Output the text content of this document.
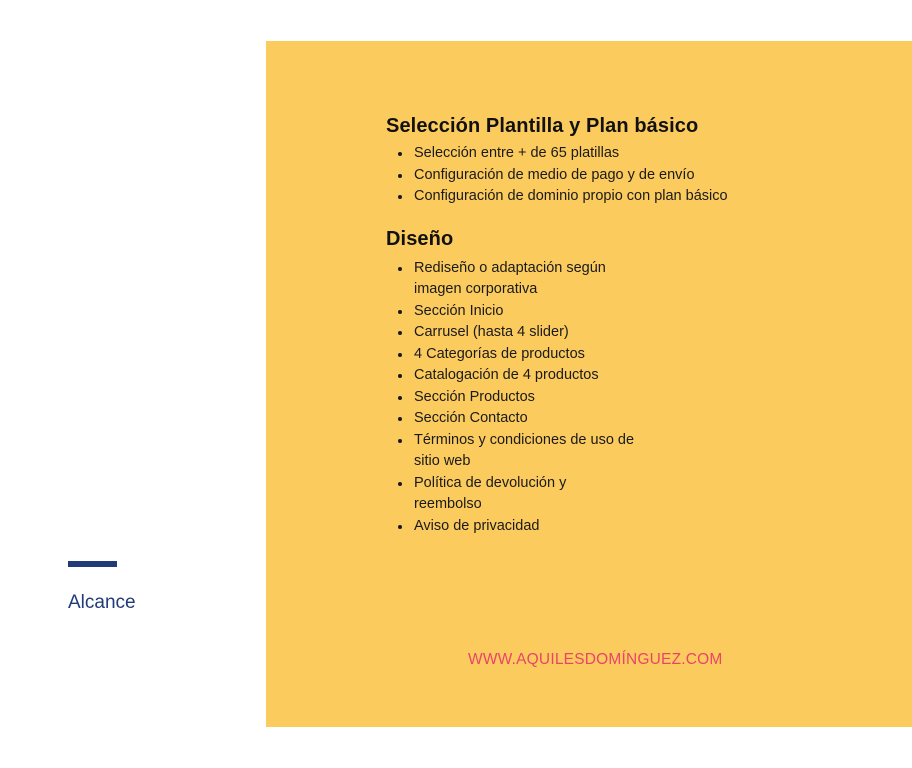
Alcance
Selección Plantilla y Plan básico
Selección entre + de 65 platillas
Configuración de medio de pago y de envío
Configuración de dominio propio con plan básico
Diseño
Rediseño o adaptación según imagen corporativa
Sección Inicio
Carrusel (hasta 4 slider)
4 Categorías de productos
Catalogación de 4 productos
Sección Productos
Sección Contacto
Términos y condiciones de uso de sitio web
Política de devolución y reembolso
Aviso de privacidad
WWW.AQUILESDOMÍNGUEZ.COM
